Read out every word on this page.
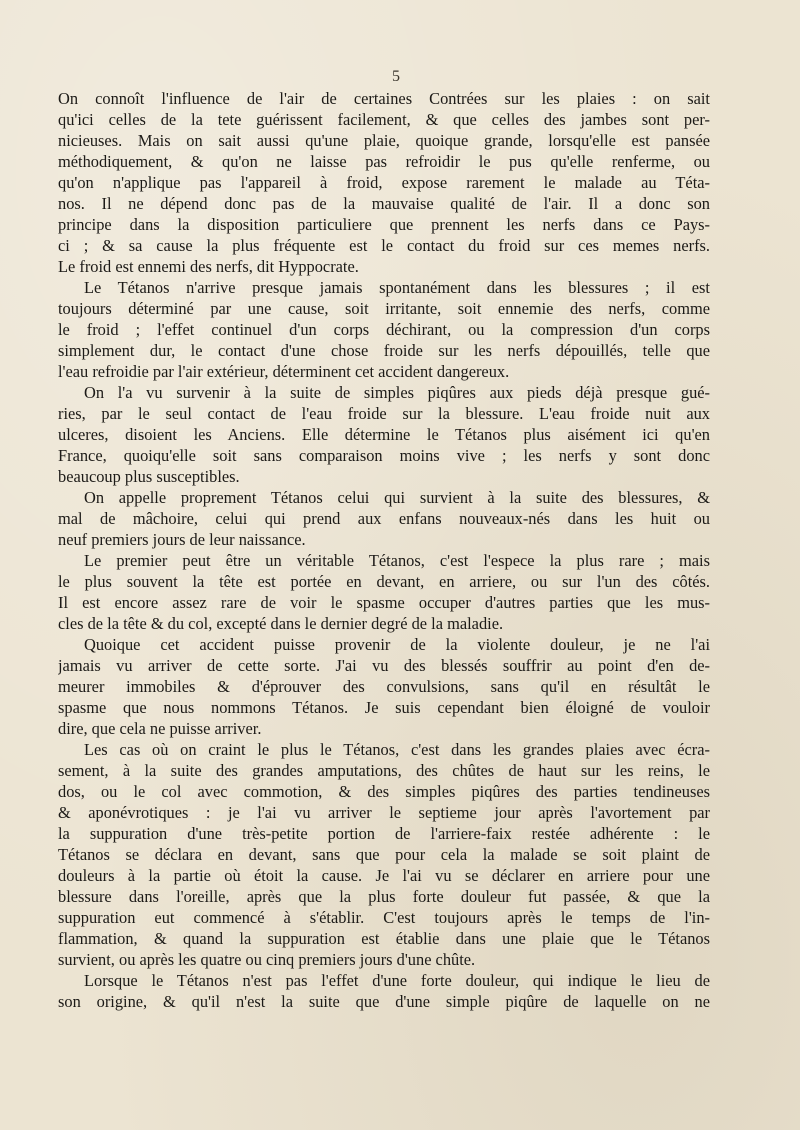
5
On connoît l'influence de l'air de certaines Contrées sur les plaies : on sait
qu'ici celles de la tete guérissent facilement, & que celles des jambes sont per-
nicieuses. Mais on sait aussi qu'une plaie, quoique grande, lorsqu'elle est pansée
méthodiquement, & qu'on ne laisse pas refroidir le pus qu'elle renferme, ou
qu'on n'applique pas l'appareil à froid, expose rarement le malade au Téta-
nos. Il ne dépend donc pas de la mauvaise qualité de l'air. Il a donc son
principe dans la disposition particuliere que prennent les nerfs dans ce Pays-
ci ; & sa cause la plus fréquente est le contact du froid sur ces memes nerfs.
Le froid est ennemi des nerfs, dit Hyppocrate.
Le Tétanos n'arrive presque jamais spontanément dans les blessures ; il est
toujours déterminé par une cause, soit irritante, soit ennemie des nerfs, comme
le froid ; l'effet continuel d'un corps déchirant, ou la compression d'un corps
simplement dur, le contact d'une chose froide sur les nerfs dépouillés, telle que
l'eau refroidie par l'air extérieur, déterminent cet accident dangereux.
On l'a vu survenir à la suite de simples piqûres aux pieds déjà presque gué-
ries, par le seul contact de l'eau froide sur la blessure. L'eau froide nuit aux
ulceres, disoient les Anciens. Elle détermine le Tétanos plus aisément ici qu'en
France, quoiqu'elle soit sans comparaison moins vive ; les nerfs y sont donc
beaucoup plus susceptibles.
On appelle proprement Tétanos celui qui survient à la suite des blessures, &
mal de mâchoire, celui qui prend aux enfans nouveaux-nés dans les huit ou
neuf premiers jours de leur naissance.
Le premier peut être un véritable Tétanos, c'est l'espece la plus rare ; mais
le plus souvent la tête est portée en devant, en arriere, ou sur l'un des côtés.
Il est encore assez rare de voir le spasme occuper d'autres parties que les mus-
cles de la tête & du col, excepté dans le dernier degré de la maladie.
Quoique cet accident puisse provenir de la violente douleur, je ne l'ai
jamais vu arriver de cette sorte. J'ai vu des blessés souffrir au point d'en de-
meurer immobiles & d'éprouver des convulsions, sans qu'il en résultât le
spasme que nous nommons Tétanos. Je suis cependant bien éloigné de vouloir
dire, que cela ne puisse arriver.
Les cas où on craint le plus le Tétanos, c'est dans les grandes plaies avec écra-
sement, à la suite des grandes amputations, des chûtes de haut sur les reins, le
dos, ou le col avec commotion, & des simples piqûres des parties tendineuses
& aponévrotiques : je l'ai vu arriver le septieme jour après l'avortement par
la suppuration d'une très-petite portion de l'arriere-faix restée adhérente : le
Tétanos se déclara en devant, sans que pour cela la malade se soit plaint de
douleurs à la partie où étoit la cause. Je l'ai vu se déclarer en arriere pour une
blessure dans l'oreille, après que la plus forte douleur fut passée, & que la
suppuration eut commencé à s'établir. C'est toujours après le temps de l'in-
flammation, & quand la suppuration est établie dans une plaie que le Tétanos
survient, ou après les quatre ou cinq premiers jours d'une chûte.
Lorsque le Tétanos n'est pas l'effet d'une forte douleur, qui indique le lieu de
son origine, & qu'il n'est la suite que d'une simple piqûre de laquelle on ne
